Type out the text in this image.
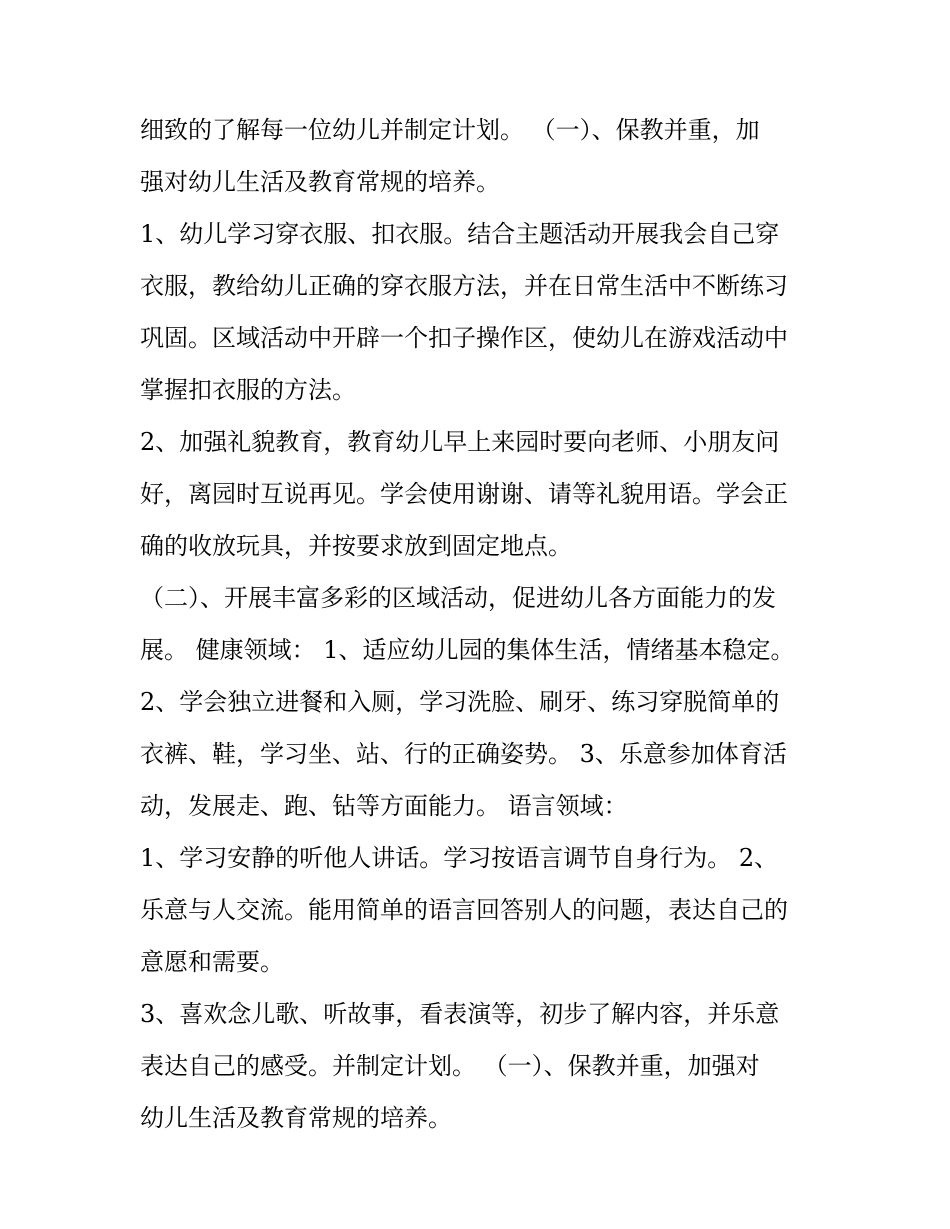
细致的了解每一位幼儿并制定计划。 （一）、保教并重，加
强对幼儿生活及教育常规的培养。
1、幼儿学习穿衣服、扣衣服。结合主题活动开展我会自己穿
衣服，教给幼儿正确的穿衣服方法，并在日常生活中不断练习
巩固。区域活动中开辟一个扣子操作区，使幼儿在游戏活动中
掌握扣衣服的方法。
2、加强礼貌教育，教育幼儿早上来园时要向老师、小朋友问
好，离园时互说再见。学会使用谢谢、请等礼貌用语。学会正
确的收放玩具，并按要求放到固定地点。
（二）、开展丰富多彩的区域活动，促进幼儿各方面能力的发
展。 健康领域： 1、适应幼儿园的集体生活，情绪基本稳定。
2、学会独立进餐和入厕，学习洗脸、刷牙、练习穿脱简单的
衣裤、鞋，学习坐、站、行的正确姿势。 3、乐意参加体育活
动，发展走、跑、钻等方面能力。 语言领域：
1、学习安静的听他人讲话。学习按语言调节自身行为。 2、
乐意与人交流。能用简单的语言回答别人的问题，表达自己的
意愿和需要。
3、喜欢念儿歌、听故事，看表演等，初步了解内容，并乐意
表达自己的感受。并制定计划。 （一）、保教并重，加强对
幼儿生活及教育常规的培养。
